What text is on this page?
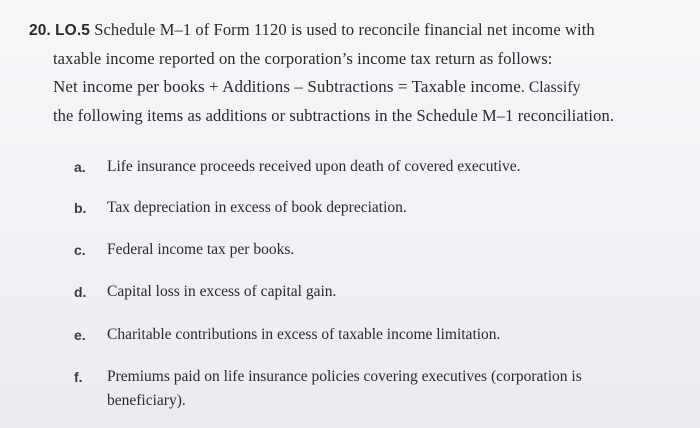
20. LO.5 Schedule M–1 of Form 1120 is used to reconcile financial net income with
taxable income reported on the corporation’s income tax return as follows:
Net income per books + Additions – Subtractions = Taxable income. Classify
the following items as additions or subtractions in the Schedule M–1 reconciliation.
a.	Life insurance proceeds received upon death of covered executive.
b.	Tax depreciation in excess of book depreciation.
c.	Federal income tax per books.
d.	Capital loss in excess of capital gain.
e.	Charitable contributions in excess of taxable income limitation.
f.	Premiums paid on life insurance policies covering executives (corporation is beneficiary).
